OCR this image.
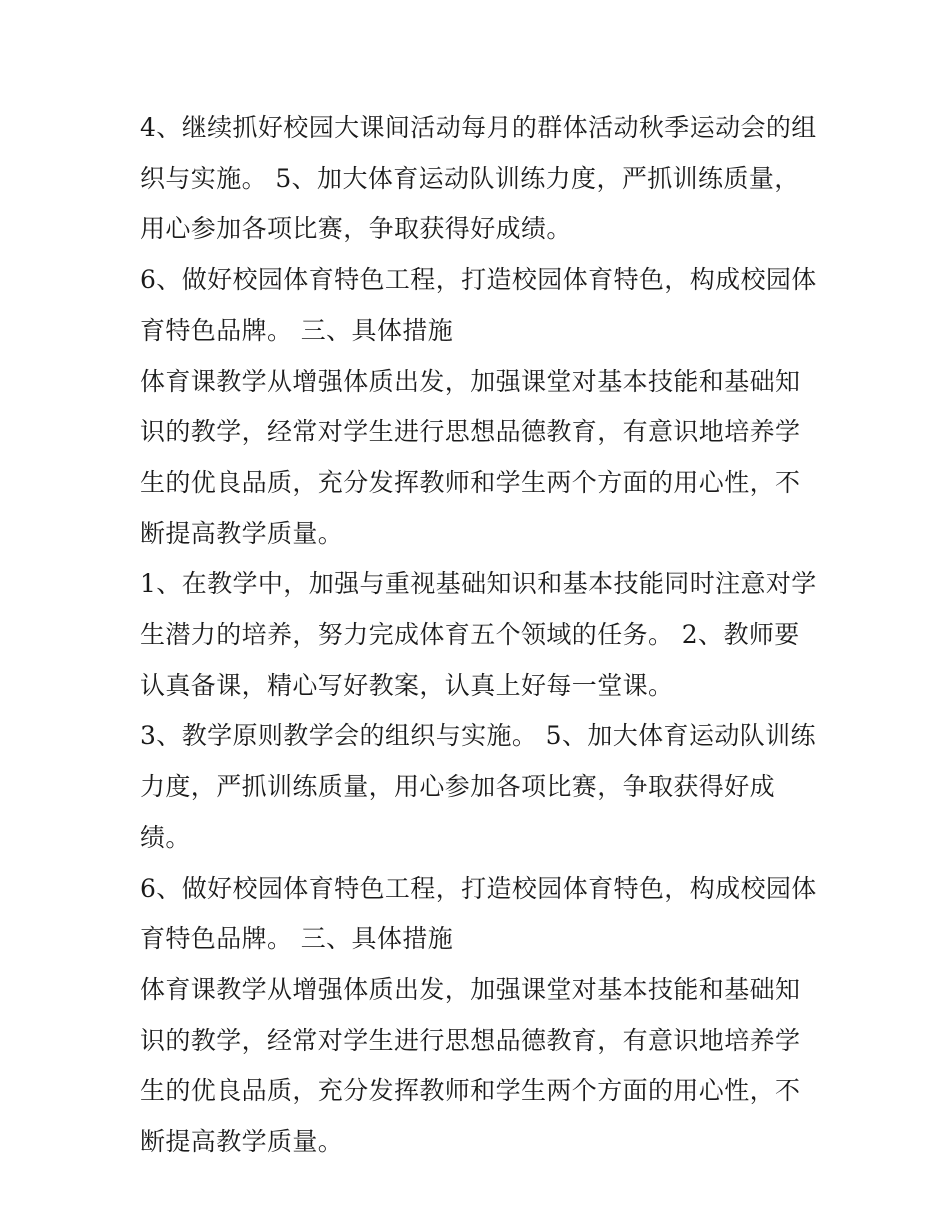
4、继续抓好校园大课间活动每月的群体活动秋季运动会的组织与实施。 5、加大体育运动队训练力度，严抓训练质量，用心参加各项比赛，争取获得好成绩。

6、做好校园体育特色工程，打造校园体育特色，构成校园体育特色品牌。 三、具体措施

体育课教学从增强体质出发，加强课堂对基本技能和基础知识的教学，经常对学生进行思想品德教育，有意识地培养学生的优良品质，充分发挥教师和学生两个方面的用心性，不断提高教学质量。

1、在教学中，加强与重视基础知识和基本技能同时注意对学生潜力的培养，努力完成体育五个领域的任务。 2、教师要认真备课，精心写好教案，认真上好每一堂课。

3、教学原则教学会的组织与实施。 5、加大体育运动队训练力度，严抓训练质量，用心参加各项比赛，争取获得好成绩。

6、做好校园体育特色工程，打造校园体育特色，构成校园体育特色品牌。 三、具体措施

体育课教学从增强体质出发，加强课堂对基本技能和基础知识的教学，经常对学生进行思想品德教育，有意识地培养学生的优良品质，充分发挥教师和学生两个方面的用心性，不断提高教学质量。
